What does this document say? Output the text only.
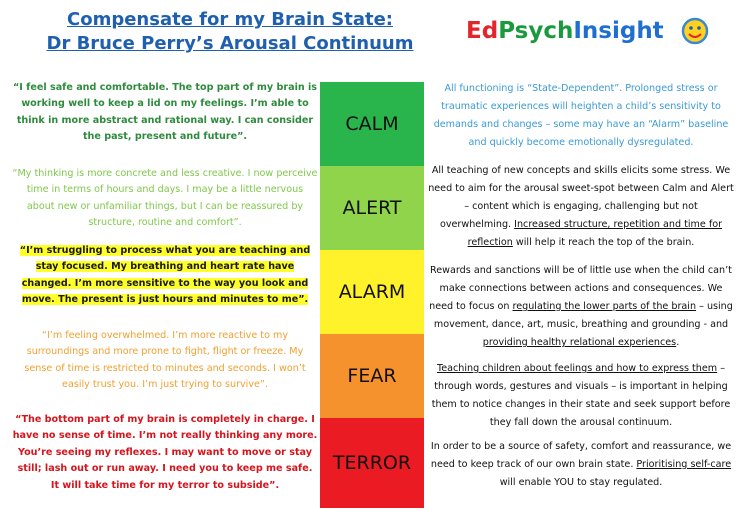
Compensate for my Brain State:
Dr Bruce Perry’s Arousal Continuum	EdPsychInsight

“I feel safe and comfortable. The top part of my brain is working well to keep a lid on my feelings. I’m able to think in more abstract and rational way. I can consider the past, present and future”.

“My thinking is more concrete and less creative. I now perceive time in terms of hours and days. I may be a little nervous about new or unfamiliar things, but I can be reassured by structure, routine and comfort”.

“I’m struggling to process what you are teaching and stay focused. My breathing and heart rate have changed. I’m more sensitive to the way you look and move. The present is just hours and minutes to me”.

“I’m feeling overwhelmed. I’m more reactive to my surroundings and more prone to fight, flight or freeze. My sense of time is restricted to minutes and seconds. I won’t easily trust you. I’m just trying to survive”.

“The bottom part of my brain is completely in charge. I have no sense of time. I’m not really thinking any more. You’re seeing my reflexes. I may want to move or stay still; lash out or run away. I need you to keep me safe. It will take time for my terror to subside”.

CALM
ALERT
ALARM
FEAR
TERROR

All functioning is “State-Dependent”. Prolonged stress or traumatic experiences will heighten a child’s sensitivity to demands and changes – some may have an “Alarm” baseline and quickly become emotionally dysregulated.

All teaching of new concepts and skills elicits some stress. We need to aim for the arousal sweet-spot between Calm and Alert – content which is engaging, challenging but not overwhelming. Increased structure, repetition and time for reflection will help it reach the top of the brain.

Rewards and sanctions will be of little use when the child can’t make connections between actions and consequences. We need to focus on regulating the lower parts of the brain – using movement, dance, art, music, breathing and grounding - and providing healthy relational experiences.

Teaching children about feelings and how to express them – through words, gestures and visuals – is important in helping them to notice changes in their state and seek support before they fall down the arousal continuum.

In order to be a source of safety, comfort and reassurance, we need to keep track of our own brain state. Prioritising self-care will enable YOU to stay regulated.
